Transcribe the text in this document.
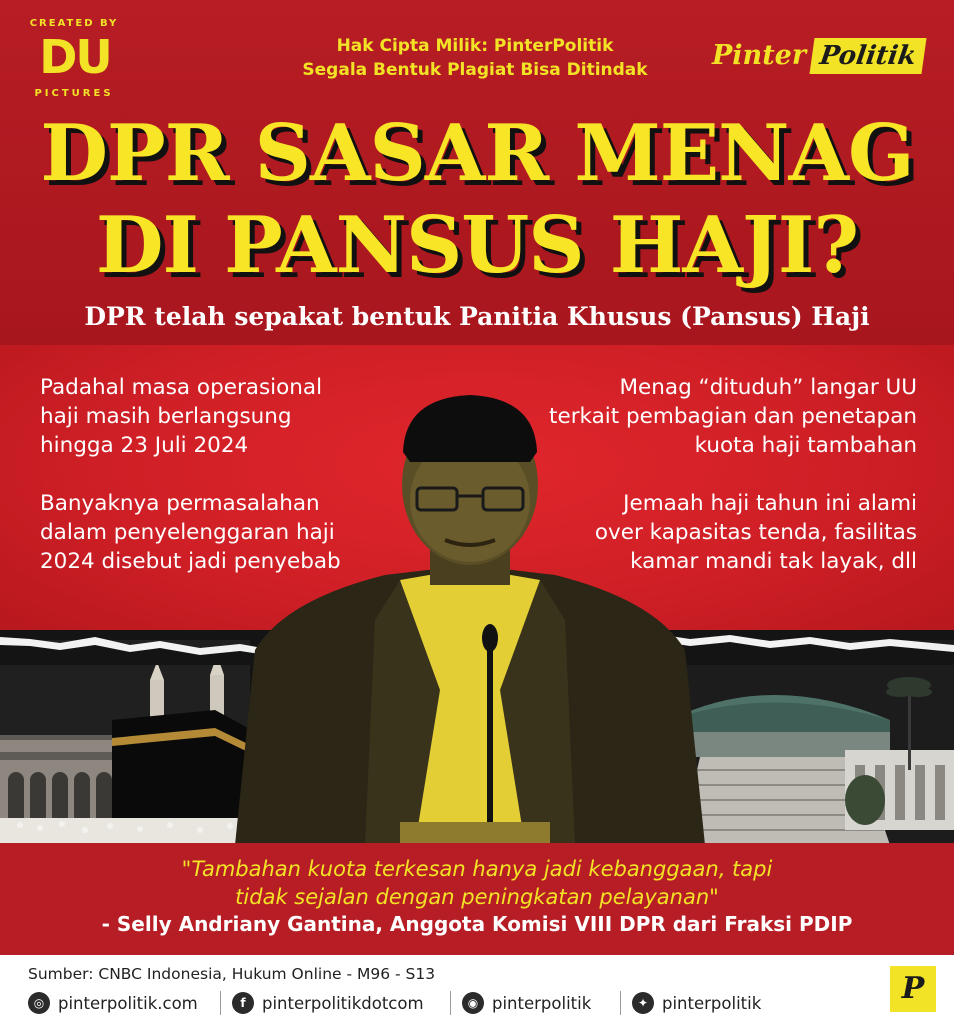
CREATED BY
DU
PICTURES
Hak Cipta Milik: PinterPolitik
Segala Bentuk Plagiat Bisa Ditindak	Pinter Politik
DPR SASAR MENAG
DI PANSUS HAJI?
DPR telah sepakat bentuk Panitia Khusus (Pansus) Haji
Padahal masa operasional
haji masih berlangsung
hingga 23 Juli 2024
Banyaknya permasalahan
dalam penyelenggaran haji
2024 disebut jadi penyebab
Menag “dituduh” langar UU
terkait pembagian dan penetapan
kuota haji tambahan
Jemaah haji tahun ini alami
over kapasitas tenda, fasilitas
kamar mandi tak layak, dll
"Tambahan kuota terkesan hanya jadi kebanggaan, tapi
tidak sejalan dengan peningkatan pelayanan"
- Selly Andriany Gantina, Anggota Komisi VIII DPR dari Fraksi PDIP
Sumber: CNBC Indonesia, Hukum Online - M96 - S13
◎ pinterpolitik.com	f pinterpolitikdotcom	◉ pinterpolitik	✦ pinterpolitik	P
